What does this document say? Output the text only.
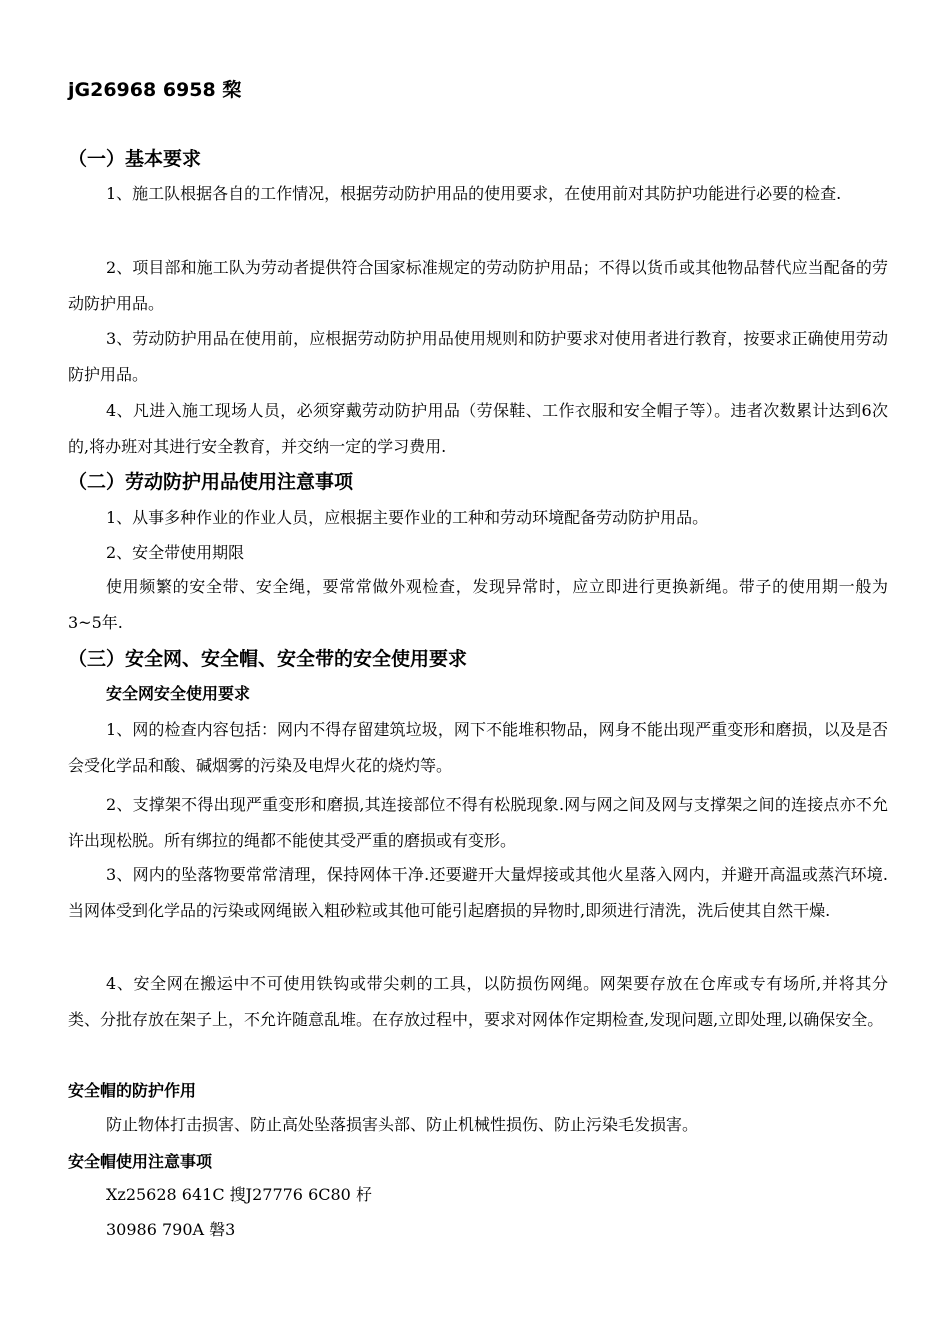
jG26968 6958 棃
（一）基本要求
1、施工队根据各自的工作情况，根据劳动防护用品的使用要求，在使用前对其防护功能进行必要的检查.
2、项目部和施工队为劳动者提供符合国家标准规定的劳动防护用品；不得以货币或其他物品替代应当配备的劳动防护用品。
3、劳动防护用品在使用前，应根据劳动防护用品使用规则和防护要求对使用者进行教育，按要求正确使用劳动防护用品。
4、凡进入施工现场人员，必须穿戴劳动防护用品（劳保鞋、工作衣服和安全帽子等）。违者次数累计达到6次的,将办班对其进行安全教育，并交纳一定的学习费用.
（二）劳动防护用品使用注意事项
1、从事多种作业的作业人员，应根据主要作业的工种和劳动环境配备劳动防护用品。
2、安全带使用期限
使用频繁的安全带、安全绳，要常常做外观检查，发现异常时，应立即进行更换新绳。带子的使用期一般为3~5年.
（三）安全网、安全帽、安全带的安全使用要求
安全网安全使用要求
1、网的检查内容包括：网内不得存留建筑垃圾，网下不能堆积物品，网身不能出现严重变形和磨损，以及是否会受化学品和酸、碱烟雾的污染及电焊火花的烧灼等。
2、支撑架不得出现严重变形和磨损,其连接部位不得有松脱现象.网与网之间及网与支撑架之间的连接点亦不允许出现松脱。所有绑拉的绳都不能使其受严重的磨损或有变形。
3、网内的坠落物要常常清理，保持网体干净.还要避开大量焊接或其他火星落入网内，并避开高温或蒸汽环境.当网体受到化学品的污染或网绳嵌入粗砂粒或其他可能引起磨损的异物时,即须进行清洗，洗后使其自然干燥.
4、安全网在搬运中不可使用铁钩或带尖刺的工具，以防损伤网绳。网架要存放在仓库或专有场所,并将其分类、分批存放在架子上，不允许随意乱堆。在存放过程中，要求对网体作定期检查,发现问题,立即处理,以确保安全。
安全帽的防护作用
防止物体打击损害、防止高处坠落损害头部、防止机械性损伤、防止污染毛发损害。
安全帽使用注意事项
Xz25628 641C 搜J27776 6C80 杍
30986 790A 磐3
